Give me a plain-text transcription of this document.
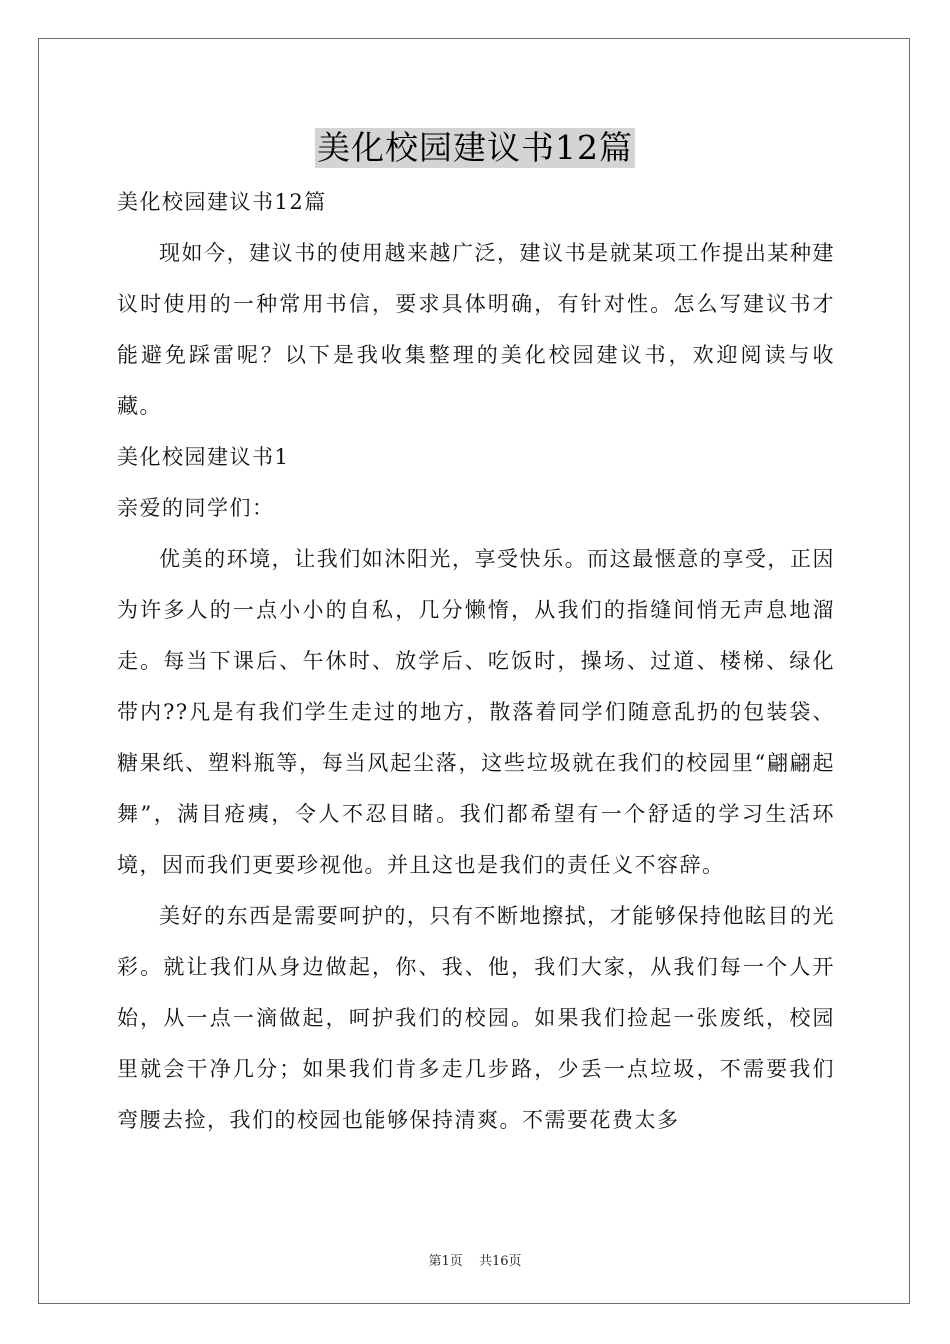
美化校园建议书12篇

美化校园建议书12篇

现如今，建议书的使用越来越广泛，建议书是就某项工作提出某种建议时使用的一种常用书信，要求具体明确，有针对性。怎么写建议书才能避免踩雷呢？以下是我收集整理的美化校园建议书，欢迎阅读与收藏。

美化校园建议书1

亲爱的同学们：

优美的环境，让我们如沐阳光，享受快乐。而这最惬意的享受，正因为许多人的一点小小的自私，几分懒惰，从我们的指缝间悄无声息地溜走。每当下课后、午休时、放学后、吃饭时，操场、过道、楼梯、绿化带内??凡是有我们学生走过的地方，散落着同学们随意乱扔的包装袋、糖果纸、塑料瓶等，每当风起尘落，这些垃圾就在我们的校园里“翩翩起舞”，满目疮痍，令人不忍目睹。我们都希望有一个舒适的学习生活环境，因而我们更要珍视他。并且这也是我们的责任义不容辞。

美好的东西是需要呵护的，只有不断地擦拭，才能够保持他眩目的光彩。就让我们从身边做起，你、我、他，我们大家，从我们每一个人开始，从一点一滴做起，呵护我们的校园。如果我们捡起一张废纸，校园里就会干净几分；如果我们肯多走几步路，少丢一点垃圾，不需要我们弯腰去捡，我们的校园也能够保持清爽。不需要花费太多

第1页 共16页
